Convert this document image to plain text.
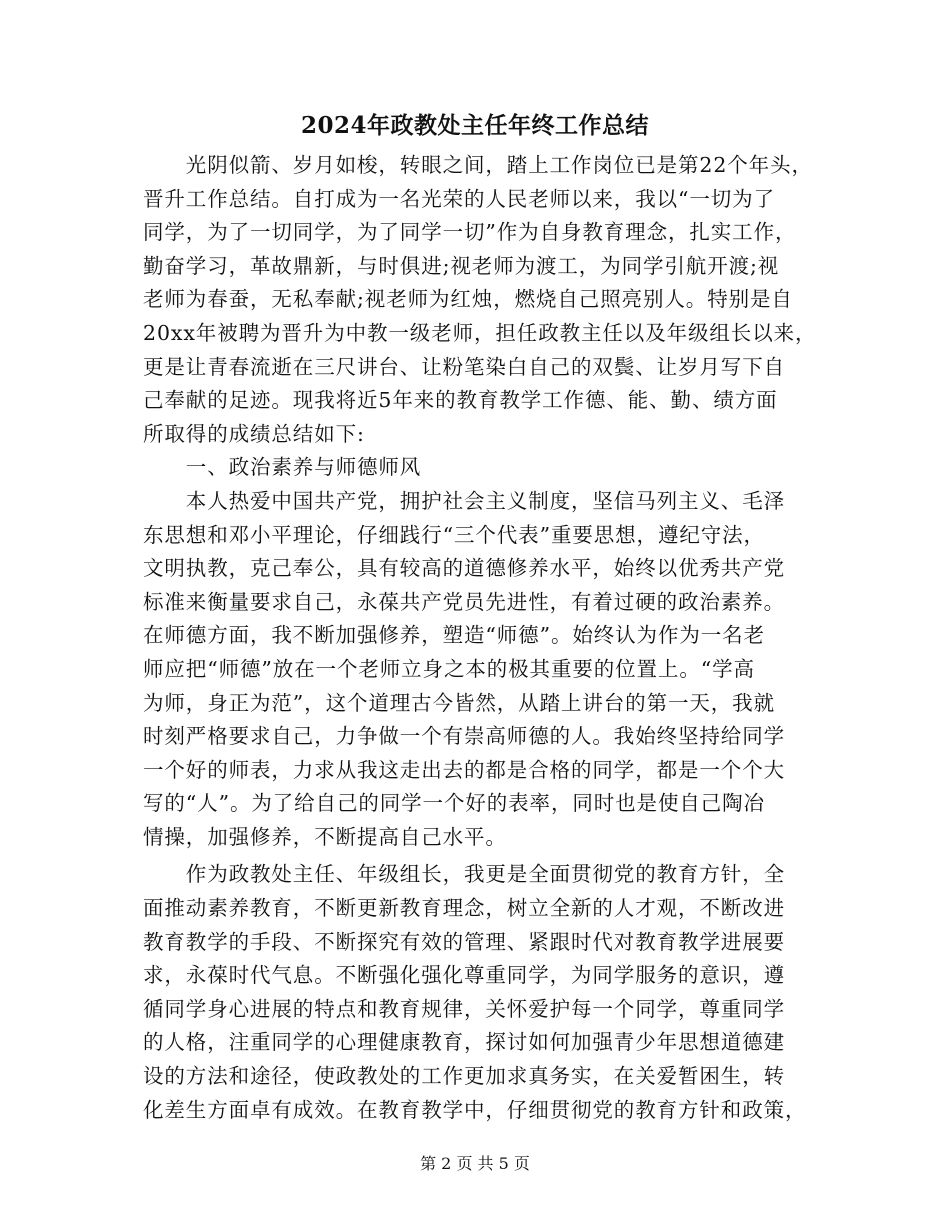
2024年政教处主任年终工作总结
　　光阴似箭、岁月如梭，转眼之间，踏上工作岗位已是第22个年头，
晋升工作总结。自打成为一名光荣的人民老师以来，我以“一切为了
同学，为了一切同学，为了同学一切”作为自身教育理念，扎实工作，
勤奋学习，革故鼎新，与时俱进;视老师为渡工，为同学引航开渡;视
老师为春蚕，无私奉献;视老师为红烛，燃烧自己照亮别人。特别是自
20xx年被聘为晋升为中教一级老师，担任政教主任以及年级组长以来，
更是让青春流逝在三尺讲台、让粉笔染白自己的双鬓、让岁月写下自
己奉献的足迹。现我将近5年来的教育教学工作德、能、勤、绩方面
所取得的成绩总结如下:
　　一、政治素养与师德师风
　　本人热爱中国共产党，拥护社会主义制度，坚信马列主义、毛泽
东思想和邓小平理论，仔细践行“三个代表”重要思想，遵纪守法，
文明执教，克己奉公，具有较高的道德修养水平，始终以优秀共产党
标准来衡量要求自己，永葆共产党员先进性，有着过硬的政治素养。
在师德方面，我不断加强修养，塑造“师德”。始终认为作为一名老
师应把“师德”放在一个老师立身之本的极其重要的位置上。“学高
为师，身正为范”，这个道理古今皆然，从踏上讲台的第一天，我就
时刻严格要求自己，力争做一个有崇高师德的人。我始终坚持给同学
一个好的师表，力求从我这走出去的都是合格的同学，都是一个个大
写的“人”。为了给自己的同学一个好的表率，同时也是使自己陶冶
情操，加强修养，不断提高自己水平。
　　作为政教处主任、年级组长，我更是全面贯彻党的教育方针，全
面推动素养教育，不断更新教育理念，树立全新的人才观，不断改进
教育教学的手段、不断探究有效的管理、紧跟时代对教育教学进展要
求，永葆时代气息。不断强化强化尊重同学，为同学服务的意识，遵
循同学身心进展的特点和教育规律，关怀爱护每一个同学，尊重同学
的人格，注重同学的心理健康教育，探讨如何加强青少年思想道德建
设的方法和途径，使政教处的工作更加求真务实，在关爱暂困生，转
化差生方面卓有成效。在教育教学中，仔细贯彻党的教育方针和政策，
第 2 页 共 5 页
